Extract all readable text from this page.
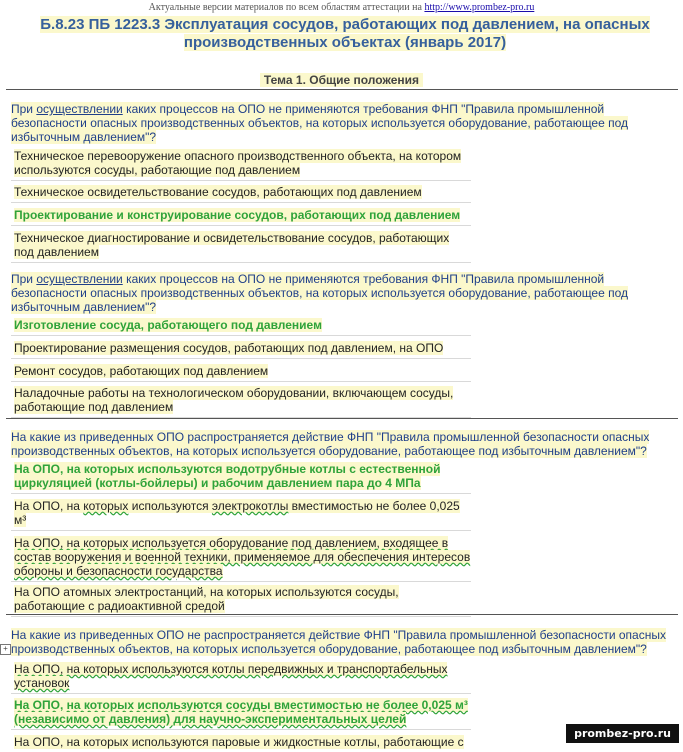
Актуальные версии материалов по всем областям аттестации на http://www.prombez-pro.ru
Б.8.23 ПБ 1223.3 Эксплуатация сосудов, работающих под давлением, на опасных
производственных объектах (январь 2017)
Тема 1. Общие положения
При осуществлении каких процессов на ОПО не применяются требования ФНП "Правила промышленной безопасности опасных производственных объектов, на которых используется оборудование, работающее под избыточным давлением"?
Техническое перевооружение опасного производственного объекта, на котором используются сосуды, работающие под давлением
Техническое освидетельствование сосудов, работающих под давлением
Проектирование и конструирование сосудов, работающих под давлением
Техническое диагностирование и освидетельствование сосудов, работающих под давлением
При осуществлении каких процессов на ОПО не применяются требования ФНП "Правила промышленной безопасности опасных производственных объектов, на которых используется оборудование, работающее под избыточным давлением"?
Изготовление сосуда, работающего под давлением
Проектирование размещения сосудов, работающих под давлением, на ОПО
Ремонт сосудов, работающих под давлением
Наладочные работы на технологическом оборудовании, включающем сосуды, работающие под давлением
На какие из приведенных ОПО распространяется действие ФНП "Правила промышленной безопасности опасных производственных объектов, на которых используется оборудование, работающее под избыточным давлением"?
На ОПО, на которых используются водотрубные котлы с естественной циркуляцией (котлы-бойлеры) и рабочим давлением пара до 4 МПа
На ОПО, на которых используются электрокотлы вместимостью не более 0,025 м³
На ОПО, на которых используется оборудование под давлением, входящее в состав вооружения и военной техники, применяемое для обеспечения интересов обороны и безопасности государства
На ОПО атомных электростанций, на которых используются сосуды, работающие с радиоактивной средой
+
На какие из приведенных ОПО не распространяется действие ФНП "Правила промышленной безопасности опасных производственных объектов, на которых используется оборудование, работающее под избыточным давлением"?
На ОПО, на которых используются котлы передвижных и транспортабельных установок
На ОПО, на которых используются сосуды вместимостью не более 0,025 м³ (независимо от давления) для научно-экспериментальных целей
На ОПО, на которых используются паровые и жидкостные котлы, работающие с
prombez-pro.ru
